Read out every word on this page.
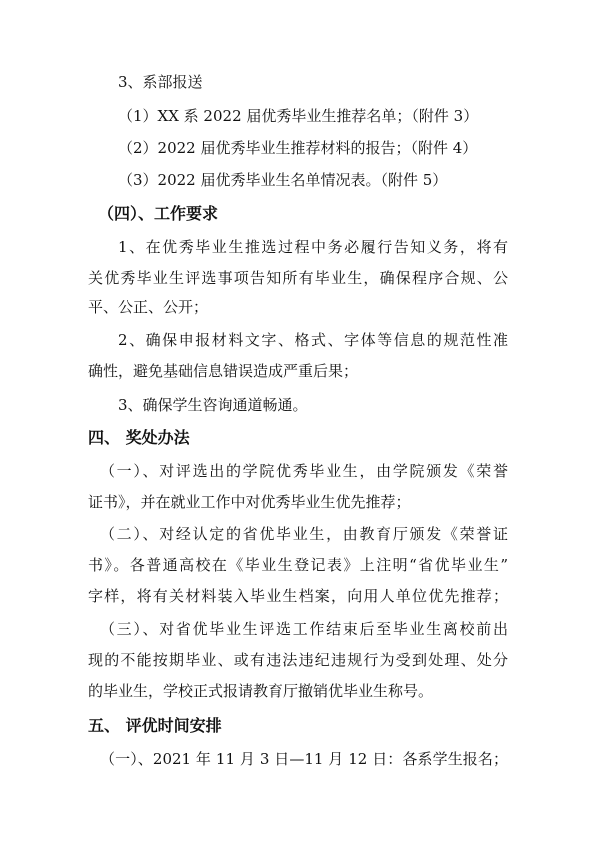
3、系部报送

（1）XX 系 2022 届优秀毕业生推荐名单；（附件 3）

（2）2022 届优秀毕业生推荐材料的报告；（附件 4）

（3）2022 届优秀毕业生名单情况表。（附件 5）

（四）、工作要求

1、在优秀毕业生推选过程中务必履行告知义务，将有

关优秀毕业生评选事项告知所有毕业生，确保程序合规、公

平、公正、公开；

2、确保申报材料文字、格式、字体等信息的规范性准

确性，避免基础信息错误造成严重后果；

3、确保学生咨询通道畅通。

四、 奖处办法

（一）、对评选出的学院优秀毕业生，由学院颁发《荣誉

证书》，并在就业工作中对优秀毕业生优先推荐；

（二）、对经认定的省优毕业生，由教育厅颁发《荣誉证

书》。各普通高校在《毕业生登记表》上注明“省优毕业生”

字样，将有关材料装入毕业生档案，向用人单位优先推荐；

（三）、对省优毕业生评选工作结束后至毕业生离校前出

现的不能按期毕业、或有违法违纪违规行为受到处理、处分

的毕业生，学校正式报请教育厅撤销优毕业生称号。

五、 评优时间安排

（一）、2021 年 11 月 3 日—11 月 12 日：各系学生报名；
